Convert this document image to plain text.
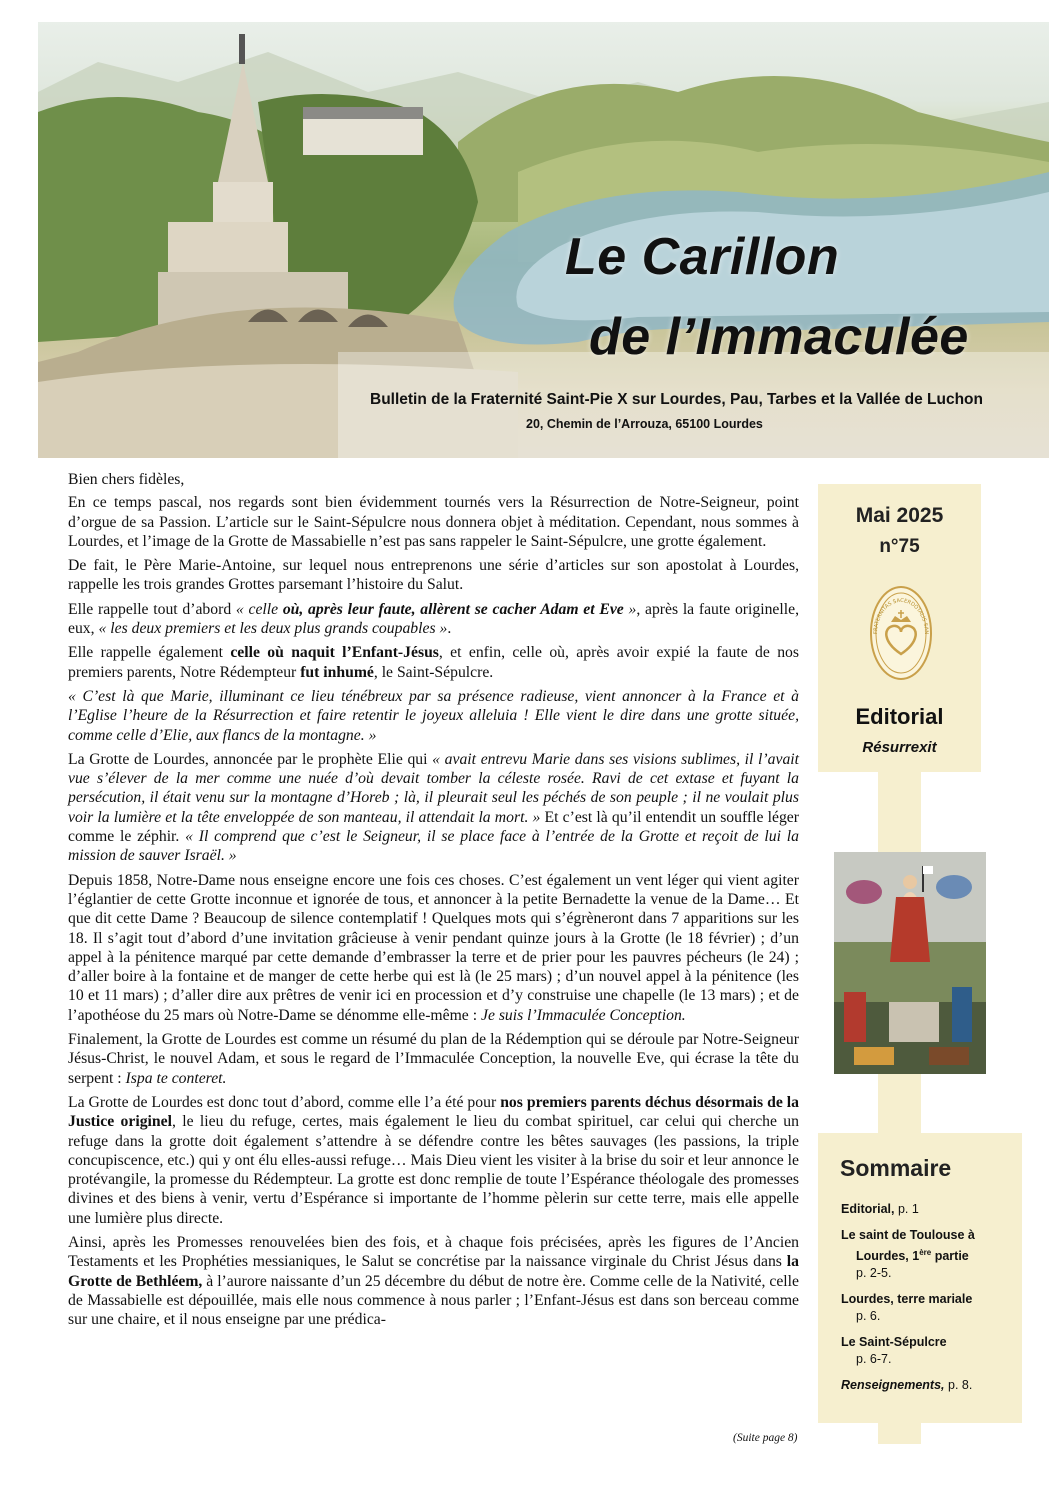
Le Carillon
de l’Immaculée
Bulletin de la Fraternité Saint-Pie X sur Lourdes, Pau, Tarbes et la Vallée de Luchon
20, Chemin de l’Arrouza, 65100 Lourdes

Bien chers fidèles,

En ce temps pascal, nos regards sont bien évidemment tournés vers la Résurrection de Notre-Seigneur, point d’orgue de sa Passion. L’article sur le Saint-Sépulcre nous donnera objet à méditation. Cependant, nous sommes à Lourdes, et l’image de la Grotte de Massabielle n’est pas sans rappeler le Saint-Sépulcre, une grotte également.

De fait, le Père Marie-Antoine, sur lequel nous entreprenons une série d’articles sur son apostolat à Lourdes, rappelle les trois grandes Grottes parsemant l’histoire du Salut.

Elle rappelle tout d’abord « celle où, après leur faute, allèrent se cacher Adam et Eve », après la faute originelle, eux, « les deux premiers et les deux plus grands coupables ».

Elle rappelle également celle où naquit l’Enfant-Jésus, et enfin, celle où, après avoir expié la faute de nos premiers parents, Notre Rédempteur fut inhumé, le Saint-Sépulcre.

« C’est là que Marie, illuminant ce lieu ténébreux par sa présence radieuse, vient annoncer à la France et à l’Eglise l’heure de la Résurrection et faire retentir le joyeux alleluia ! Elle vient le dire dans une grotte située, comme celle d’Elie, aux flancs de la montagne. »

La Grotte de Lourdes, annoncée par le prophète Elie qui « avait entrevu Marie dans ses visions sublimes, il l’avait vue s’élever de la mer comme une nuée d’où devait tomber la céleste rosée. Ravi de cet extase et fuyant la persécution, il était venu sur la montagne d’Horeb ; là, il pleurait seul les péchés de son peuple ; il ne voulait plus voir la lumière et la tête enveloppée de son manteau, il attendait la mort. » Et c’est là qu’il entendit un souffle léger comme le zéphir. « Il comprend que c’est le Seigneur, il se place face à l’entrée de la Grotte et reçoit de lui la mission de sauver Israël. »

Depuis 1858, Notre-Dame nous enseigne encore une fois ces choses. C’est également un vent léger qui vient agiter l’églantier de cette Grotte inconnue et ignorée de tous, et annoncer à la petite Bernadette la venue de la Dame… Et que dit cette Dame ? Beaucoup de silence contemplatif ! Quelques mots qui s’égrèneront dans 7 apparitions sur les 18. Il s’agit tout d’abord d’une invitation grâcieuse à venir pendant quinze jours à la Grotte (le 18 février) ; d’un appel à la pénitence marqué par cette demande d’embrasser la terre et de prier pour les pauvres pécheurs (le 24) ; d’aller boire à la fontaine et de manger de cette herbe qui est là (le 25 mars) ; d’un nouvel appel à la pénitence (les 10 et 11 mars) ; d’aller dire aux prêtres de venir ici en procession et d’y construise une chapelle (le 13 mars) ; et de l’apothéose du 25 mars où Notre-Dame se dénomme elle-même : Je suis l’Immaculée Conception.

Finalement, la Grotte de Lourdes est comme un résumé du plan de la Rédemption qui se déroule par Notre-Seigneur Jésus-Christ, le nouvel Adam, et sous le regard de l’Immaculée Conception, la nouvelle Eve, qui écrase la tête du serpent : Ispa te conteret.

La Grotte de Lourdes est donc tout d’abord, comme elle l’a été pour nos premiers parents déchus désormais de la Justice originel, le lieu du refuge, certes, mais également le lieu du combat spirituel, car celui qui cherche un refuge dans la grotte doit également s’attendre à se défendre contre les bêtes sauvages (les passions, la triple concupiscence, etc.) qui y ont élu elles-aussi refuge… Mais Dieu vient les visiter à la brise du soir et leur annonce le protévangile, la promesse du Rédempteur. La grotte est donc remplie de toute l’Espérance théologale des promesses divines et des biens à venir, vertu d’Espérance si importante de l’homme pèlerin sur cette terre, mais elle appelle une lumière plus directe.

Ainsi, après les Promesses renouvelées bien des fois, et à chaque fois précisées, après les figures de l’Ancien Testaments et les Prophéties messianiques, le Salut se concrétise par la naissance virginale du Christ Jésus dans la Grotte de Bethléem, à l’aurore naissante d’un 25 décembre du début de notre ère. Comme celle de la Nativité, celle de Massabielle est dépouillée, mais elle nous commence à nous parler ; l’Enfant-Jésus est dans son berceau comme sur une chaire, et il nous enseigne par une prédica-

(Suite page 8)
Mai 2025
n°75
FRATERNITAS SACERDOTALIS SAN
Editorial
Résurrexit
Sommaire
Editorial, p. 1
Le saint de Toulouse à

Lourdes, 1ère partie
p. 2-5.
Lourdes, terre mariale
p. 6.
Le Saint-Sépulcre
p. 6-7.
Renseignements, p. 8.
